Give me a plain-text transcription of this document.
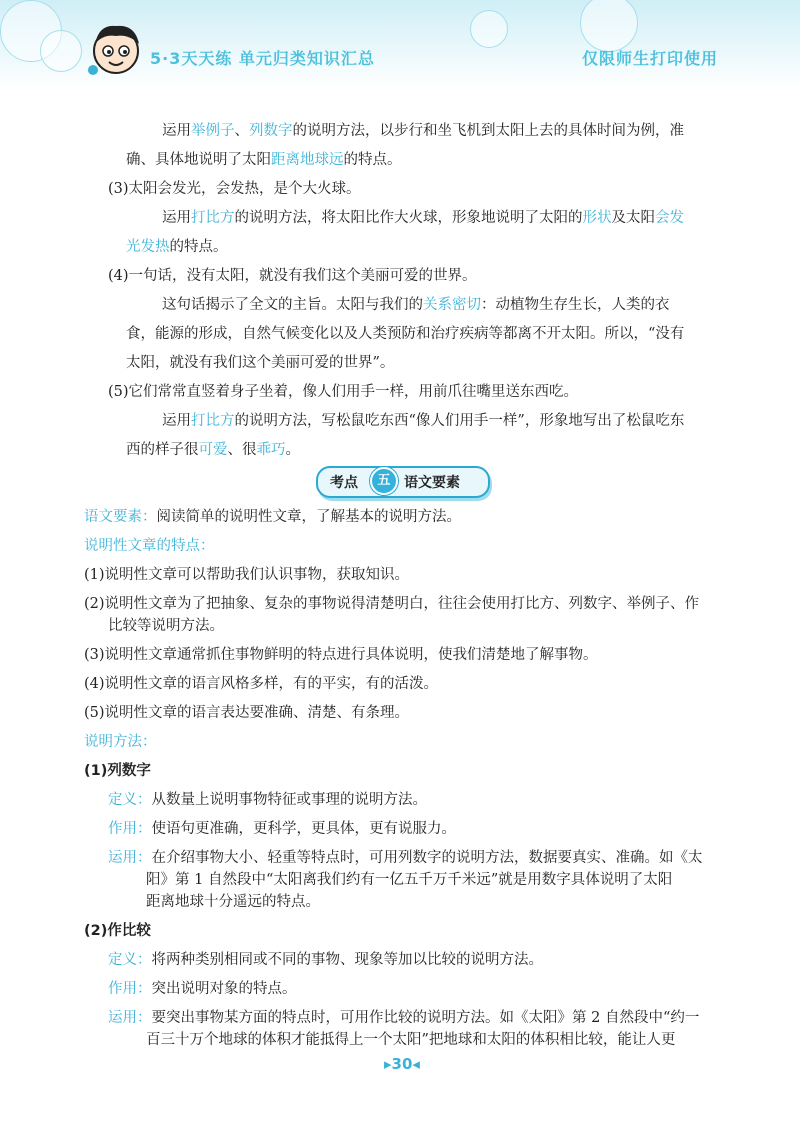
5·3天天练 单元归类知识汇总	仅限师生打印使用
运用举例子、列数字的说明方法，以步行和坐飞机到太阳上去的具体时间为例，准
确、具体地说明了太阳距离地球远的特点。
(3)太阳会发光，会发热，是个大火球。
运用打比方的说明方法，将太阳比作大火球，形象地说明了太阳的形状及太阳会发
光发热的特点。
(4)一句话，没有太阳，就没有我们这个美丽可爱的世界。
这句话揭示了全文的主旨。太阳与我们的关系密切：动植物生存生长，人类的衣
食，能源的形成，自然气候变化以及人类预防和治疗疾病等都离不开太阳。所以，“没有
太阳，就没有我们这个美丽可爱的世界”。
(5)它们常常直竖着身子坐着，像人们用手一样，用前爪往嘴里送东西吃。
运用打比方的说明方法，写松鼠吃东西“像人们用手一样”，形象地写出了松鼠吃东
西的样子很可爱、很乖巧。
考点	五 语文要素
语文要素：阅读简单的说明性文章，了解基本的说明方法。
说明性文章的特点：
(1)说明性文章可以帮助我们认识事物，获取知识。
(2)说明性文章为了把抽象、复杂的事物说得清楚明白，往往会使用打比方、列数字、举例子、作
比较等说明方法。
(3)说明性文章通常抓住事物鲜明的特点进行具体说明，使我们清楚地了解事物。
(4)说明性文章的语言风格多样，有的平实，有的活泼。
(5)说明性文章的语言表达要准确、清楚、有条理。
说明方法：
(1)列数字
定义：从数量上说明事物特征或事理的说明方法。
作用：使语句更准确，更科学，更具体，更有说服力。
运用：在介绍事物大小、轻重等特点时，可用列数字的说明方法，数据要真实、准确。如《太
阳》第 1 自然段中“太阳离我们约有一亿五千万千米远”就是用数字具体说明了太阳
距离地球十分遥远的特点。
(2)作比较
定义：将两种类别相同或不同的事物、现象等加以比较的说明方法。
作用：突出说明对象的特点。
运用：要突出事物某方面的特点时，可用作比较的说明方法。如《太阳》第 2 自然段中“约一
百三十万个地球的体积才能抵得上一个太阳”把地球和太阳的体积相比较，能让人更
▸30◂
